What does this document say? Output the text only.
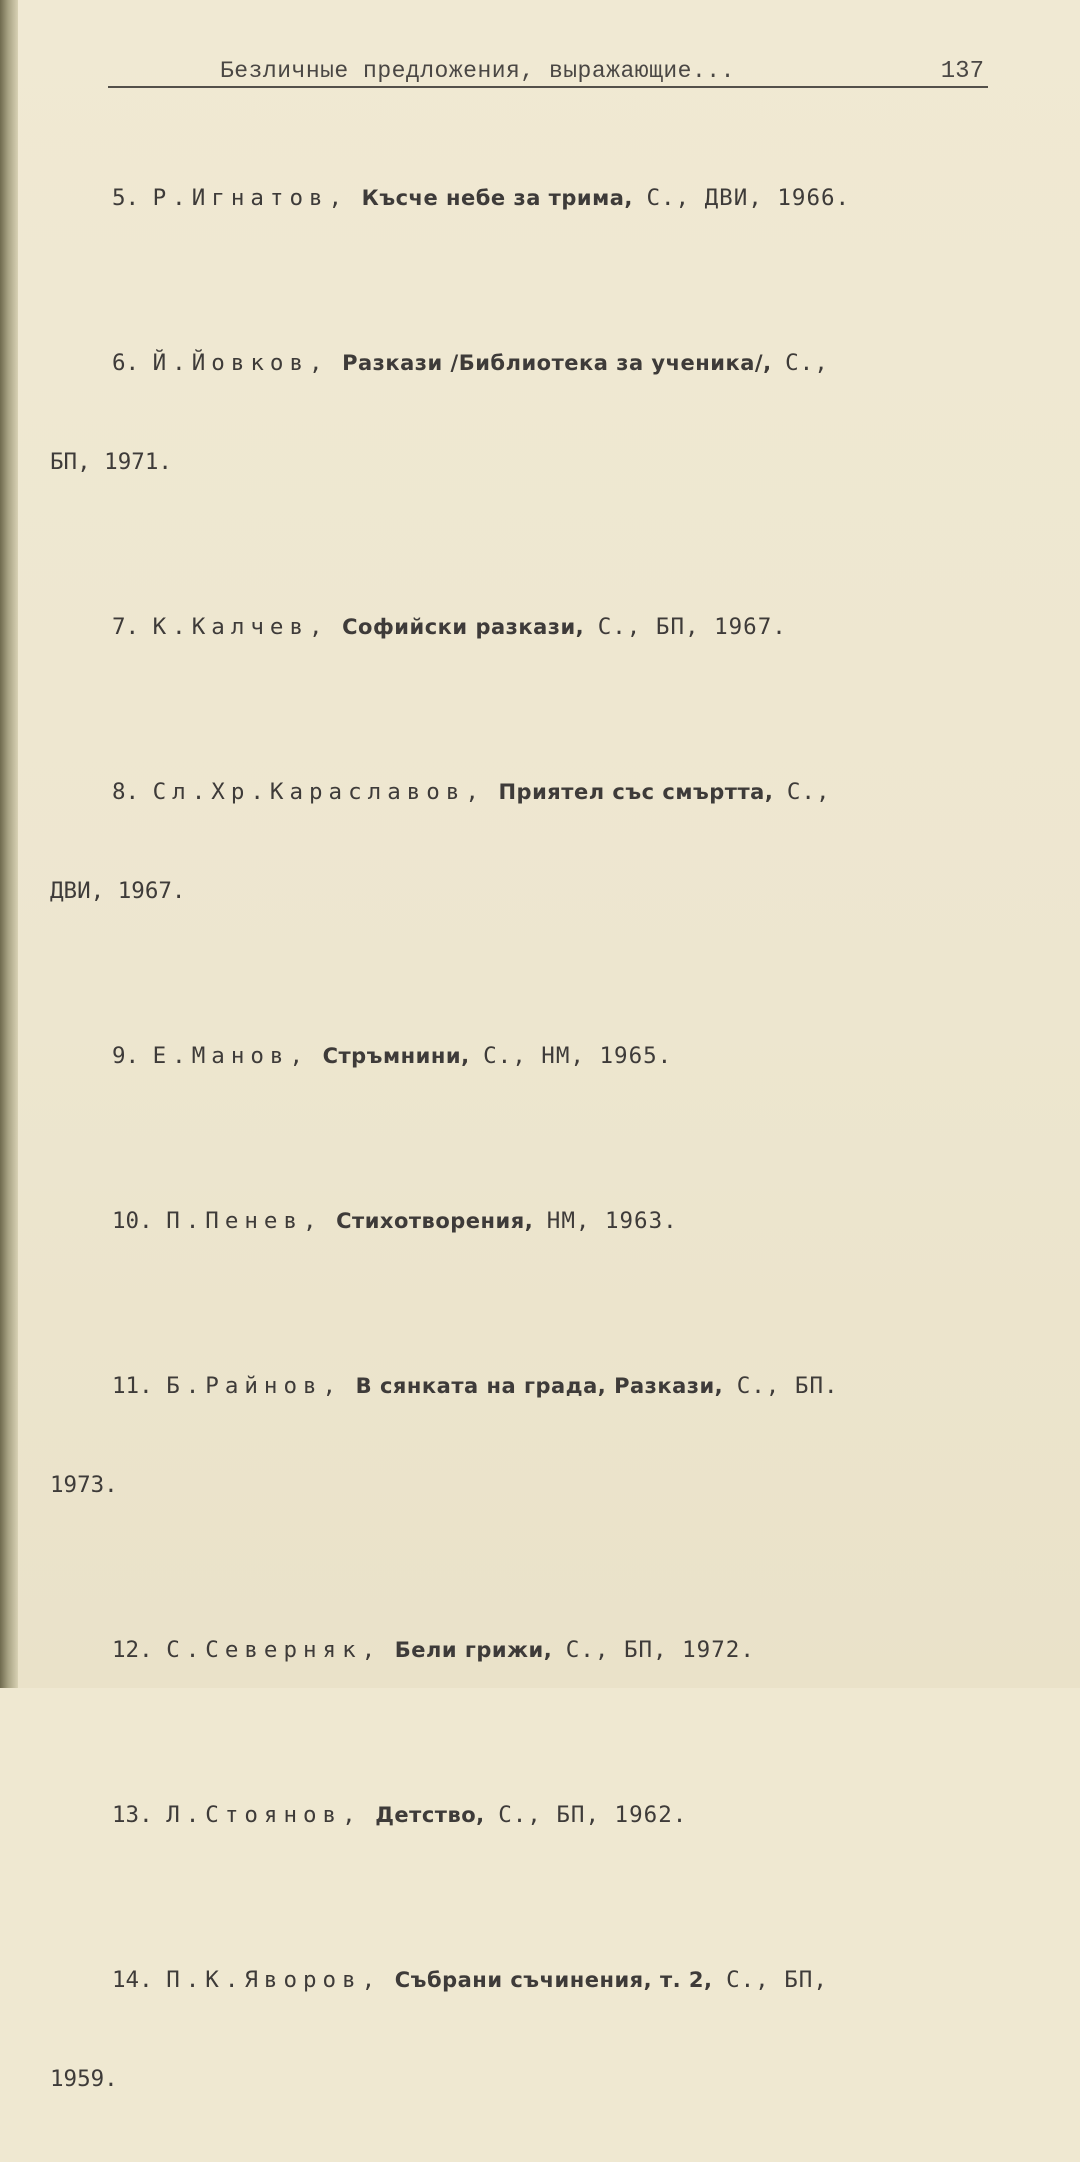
Безличные предложения, выражающие...	137

5. Р.Игнатов, Късче небе за трима, С., ДВИ, 1966.

6. Й.Йовков, Разкази /Библиотека за ученика/, С.,

БП, 1971.

7. К.Калчев, Софийски разкази, С., БП, 1967.

8. Сл.Хр.Караславов, Приятел със смъртта, С.,

ДВИ, 1967.

9. Е.Манов, Стръмнини, С., НМ, 1965.

10. П.Пенев, Стихотворения, НМ, 1963.

11. Б.Райнов, В сянката на града, Разкази, С., БП.

1973.

12. С.Северняк, Бели грижи, С., БП, 1972.

13. Л.Стоянов, Детство, С., БП, 1962.

14. П.К.Яворов, Събрани съчинения, т. 2, С., БП,

1959.
